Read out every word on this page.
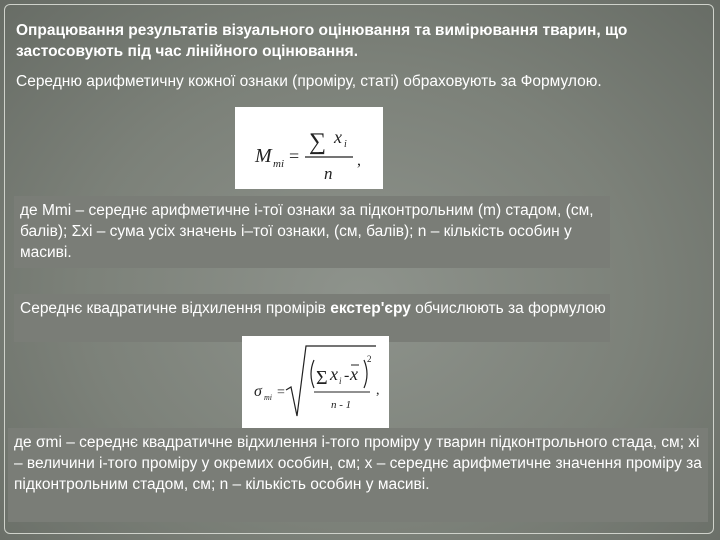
Опрацювання результатів візуального оцінювання та вимірювання тварин, що застосовують під час лінійного оцінювання.

Середню арифметичну кожної ознаки (проміру, статі) обраховують за Формулою.

M mi =
∑ x i
n
,

де Mmi – середнє арифметичне i-тої ознаки за підконтрольним (m) стадом, (см, балів); Σxi – сума усіх значень i–тої ознаки, (см, балів); n – кількість особин у масиві.

Середнє квадратичне відхилення промірів екстер'єру обчислюють за формулою

σ mi =
Σ x i - x
2
n - 1
,

де σmi – середнє квадратичне відхилення i-того проміру у тварин підконтрольного стада, см; xi – величини i-того проміру у окремих особин, см; x – середнє арифметичне значення проміру за підконтрольним стадом, см; n – кількість особин у масиві.
